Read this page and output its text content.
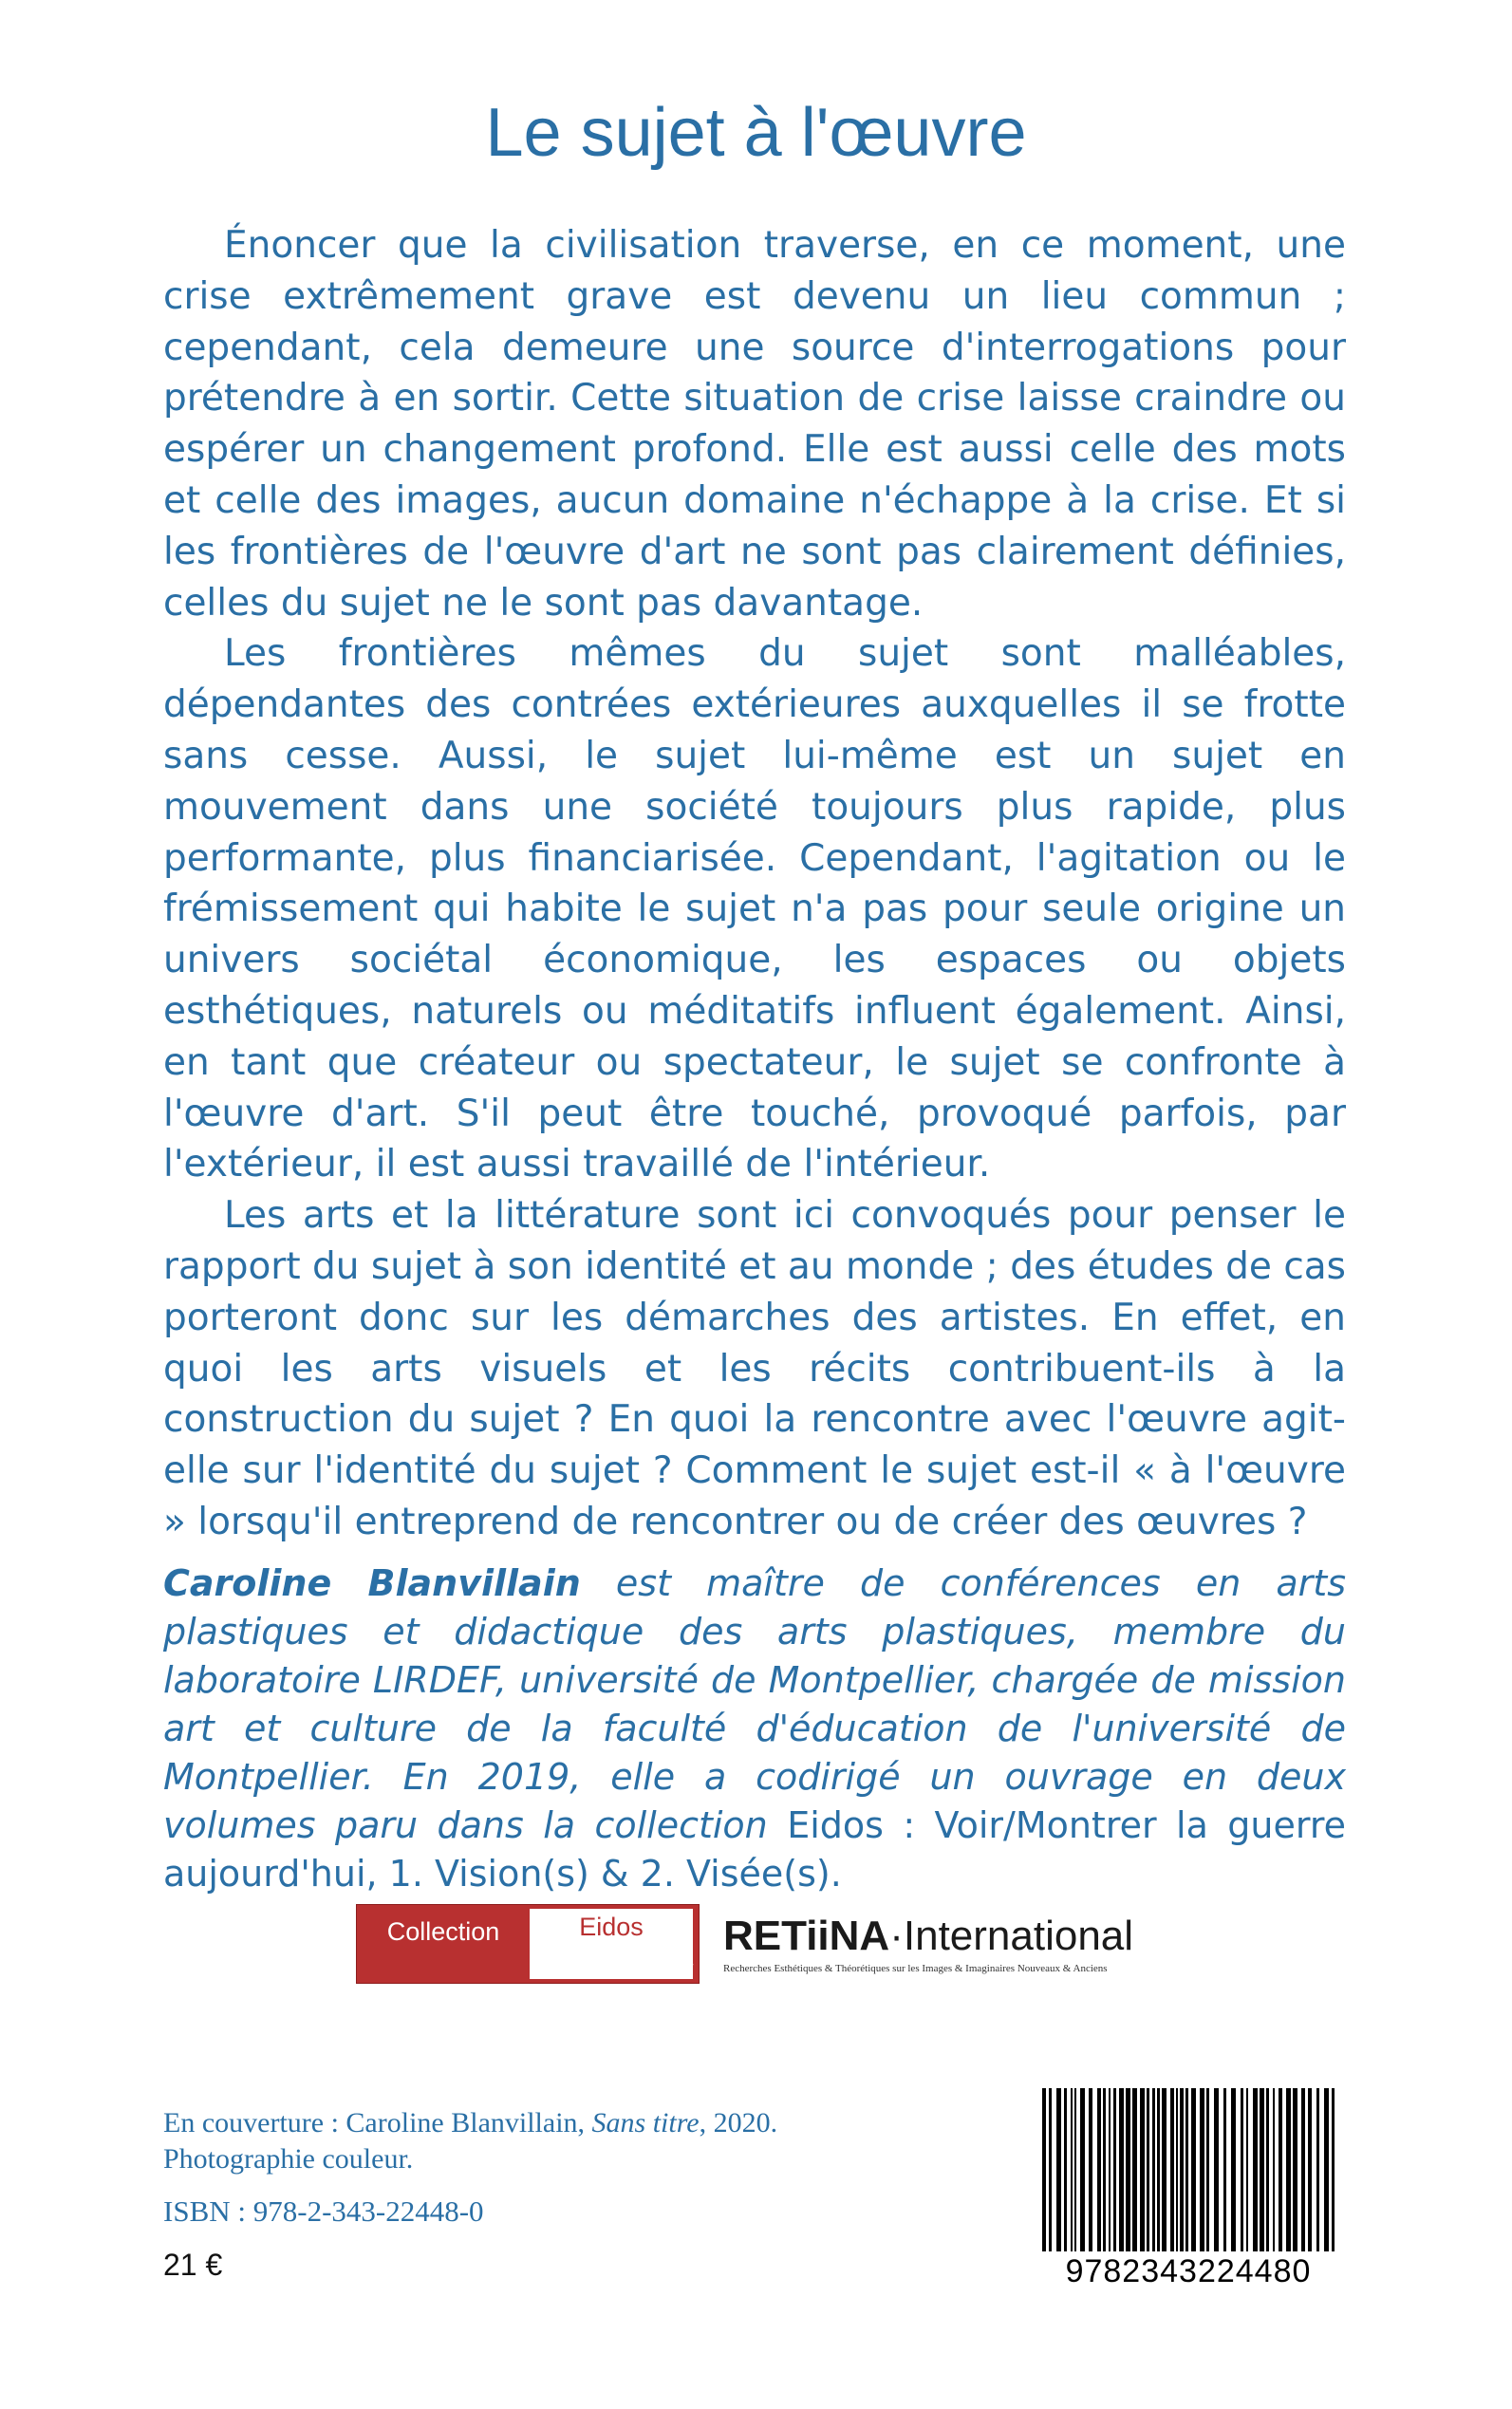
Le sujet à l'œuvre

Énoncer que la civilisation traverse, en ce moment, une crise extrêmement grave est devenu un lieu commun ; cependant, cela demeure une source d'interrogations pour prétendre à en sortir. Cette situation de crise laisse craindre ou espérer un changement profond. Elle est aussi celle des mots et celle des images, aucun domaine n'échappe à la crise. Et si les frontières de l'œuvre d'art ne sont pas clairement définies, celles du sujet ne le sont pas davantage.

Les frontières mêmes du sujet sont malléables, dépendantes des contrées extérieures auxquelles il se frotte sans cesse. Aussi, le sujet lui-même est un sujet en mouvement dans une société toujours plus rapide, plus performante, plus financiarisée. Cependant, l'agitation ou le frémissement qui habite le sujet n'a pas pour seule origine un univers sociétal économique, les espaces ou objets esthétiques, naturels ou méditatifs influent également. Ainsi, en tant que créateur ou spectateur, le sujet se confronte à l'œuvre d'art. S'il peut être touché, provoqué parfois, par l'extérieur, il est aussi travaillé de l'intérieur.

Les arts et la littérature sont ici convoqués pour penser le rapport du sujet à son identité et au monde ; des études de cas porteront donc sur les démarches des artistes. En effet, en quoi les arts visuels et les récits contribuent-ils à la construction du sujet ? En quoi la rencontre avec l'œuvre agit-elle sur l'identité du sujet ? Comment le sujet est-il « à l'œuvre » lorsqu'il entreprend de rencontrer ou de créer des œuvres ?

Caroline Blanvillain est maître de conférences en arts plastiques et didactique des arts plastiques, membre du laboratoire LIRDEF, université de Montpellier, chargée de mission art et culture de la faculté d'éducation de l'université de Montpellier. En 2019, elle a codirigé un ouvrage en deux volumes paru dans la collection Eidos : Voir/Montrer la guerre aujourd'hui, 1. Vision(s) & 2. Visée(s).
Collection	Eidos
by RETiNA.International
RETiiNA·International
Recherches Esthétiques & Théorétiques sur les Images & Imaginaires Nouveaux & Anciens
En couverture : Caroline Blanvillain, Sans titre, 2020.
Photographie couleur.
ISBN : 978-2-343-22448-0
21 €	9782343224480
